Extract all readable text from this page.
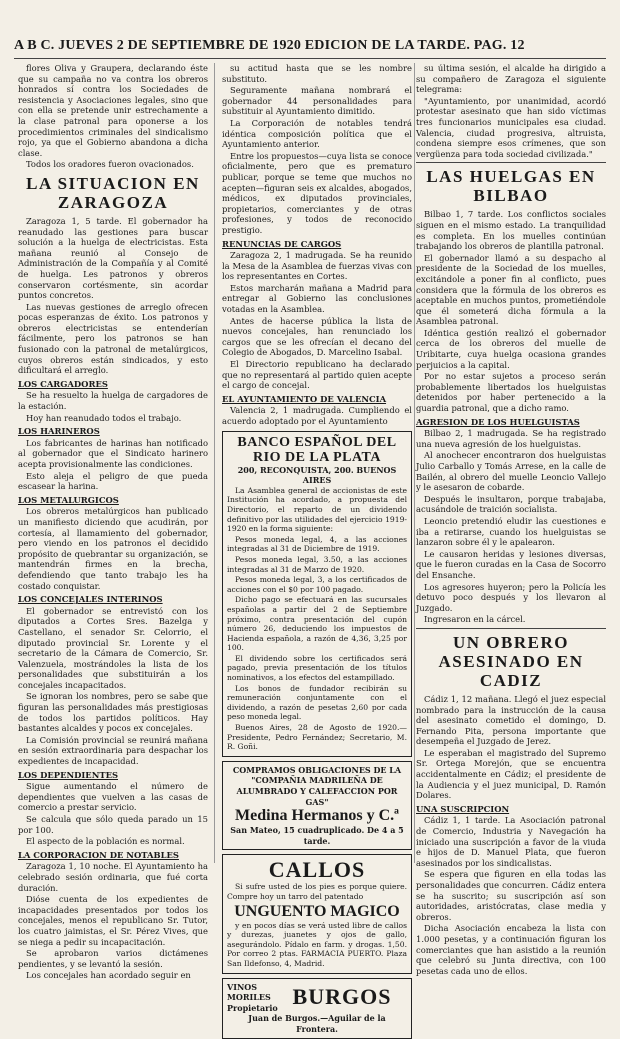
A B C. JUEVES 2 DE SEPTIEMBRE DE 1920 EDICION DE LA TARDE. PAG. 12

flores Oliva y Graupera, declarando éste que su campaña no va contra los obreros honrados sí contra los Sociedades de resistencia y Asociaciones legales, sino que con ella se pretende unir estrechamente a la clase patronal para oponerse a los procedimientos criminales del sindicalismo rojo, ya que el Gobierno abandona a dicha clase.

Todos los oradores fueron ovacionados.

LA SITUACION EN ZARAGOZA

Zaragoza 1, 5 tarde. El gobernador ha reanudado las gestiones para buscar solución a la huelga de electricistas. Esta mañana reunió al Consejo de Administración de la Compañía y al Comité de huelga. Les patronos y obreros conservaron cortésmente, sin acordar puntos concretos.

Las nuevas gestiones de arreglo ofrecen pocas esperanzas de éxito. Los patronos y obreros electricistas se entenderían fácilmente, pero los patronos se han fusionado con la patronal de metalúrgicos, cuyos obreros están sindicados, y esto dificultará el arreglo.

LOS CARGADORES

Se ha resuelto la huelga de cargadores de la estación.

Hoy han reanudado todos el trabajo.

LOS HARINEROS

Los fabricantes de harinas han notificado al gobernador que el Sindicato harinero acepta provisionalmente las condiciones.

Esto aleja el peligro de que pueda escasear la harina.

LOS METALURGICOS

Los obreros metalúrgicos han publicado un manifiesto diciendo que acudirán, por cortesía, al llamamiento del gobernador, pero viendo en los patronos el decidido propósito de quebrantar su organización, se mantendrán firmes en la brecha, defendiendo que tanto trabajo les ha costado conquistar.

LOS CONCEJALES INTERINOS

El gobernador se entrevistó con los diputados a Cortes Sres. Bazelga y Castellano, el senador Sr. Celorrio, el diputado provincial Sr. Lorente y el secretario de la Cámara de Comercio, Sr. Valenzuela, mostrándoles la lista de los personalidades que substituirán a los concejales incapacitados.

Se ignoran los nombres, pero se sabe que figuran las personalidades más prestigiosas de todos los partidos políticos. Hay bastantes alcaldes y pocos ex concejales.

La Comisión provincial se reunirá mañana en sesión extraordinaria para despachar los expedientes de incapacidad.

LOS DEPENDIENTES

Sigue aumentando el número de dependientes que vuelven a las casas de comercio a prestar servicio.

Se calcula que sólo queda parado un 15 por 100.

El aspecto de la población es normal.

LA CORPORACION DE NOTABLES

Zaragoza 1, 10 noche. El Ayuntamiento ha celebrado sesión ordinaria, que fué corta duración.

Dióse cuenta de los expedientes de incapacidades presentados por todos los concejales, menos el republicano Sr. Tutor, los cuatro jaimistas, el Sr. Pérez Vives, que se niega a pedir su incapacitación.

Se aprobaron varios dictámenes pendientes, y se levantó la sesión.

Los concejales han acordado seguir en

su actitud hasta que se les nombre substituto.

Seguramente mañana nombrará el gobernador 44 personalidades para substituir al Ayuntamiento dimitido.

La Corporación de notables tendrá idéntica composición política que el Ayuntamiento anterior.

Entre los propuestos—cuya lista se conoce oficialmente, pero que es prematuro publicar, porque se teme que muchos no acepten—figuran seis ex alcaldes, abogados, médicos, ex diputados provinciales, propietarios, comerciantes y de otras profesiones, y todos de reconocido prestigio.

RENUNCIAS DE CARGOS

Zaragoza 2, 1 madrugada. Se ha reunido la Mesa de la Asamblea de fuerzas vivas con los representantes en Cortes.

Estos marcharán mañana a Madrid para entregar al Gobierno las conclusiones votadas en la Asamblea.

Antes de hacerse pública la lista de nuevos concejales, han renunciado los cargos que se les ofrecían el decano del Colegio de Abogados, D. Marcelino Isabal.

El Directorio republicano ha declarado que no representará al partido quien acepte el cargo de concejal.

EL AYUNTAMIENTO DE VALENCIA

Valencia 2, 1 madrugada. Cumpliendo el acuerdo adoptado por el Ayuntamiento

BANCO ESPAÑOL DEL RIO DE LA PLATA
200, RECONQUISTA, 200. BUENOS AIRES

La Asamblea general de accionistas de este Institución ha acordado, a propuesta del Directorio, el reparto de un dividendo definitivo por las utilidades del ejercicio 1919-1920 en la forma siguiente:

Pesos moneda legal, 4, a las acciones integradas al 31 de Diciembre de 1919.

Pesos moneda legal, 3.50, a las acciones integradas al 31 de Marzo de 1920.

Pesos moneda legal, 3, a los certificados de acciones con el $0 por 100 pagado.

Dicho pago se efectuará en las sucursales españolas a partir del 2 de Septiembre próximo, contra presentación del cupón número 26, deduciendo los impuestos de Hacienda española, a razón de 4,36, 3,25 por 100.

El dividendo sobre los certificados será pagado, previa presentación de los títulos nominativos, a los efectos del estampillado.

Los bonos de fundador recibirán su remuneración conjuntamente con el dividendo, a razón de pesetas 2,60 por cada peso moneda legal.

Buenos Aires, 28 de Agosto de 1920.—Presidente, Pedro Fernández; Secretario, M. R. Goñi.

COMPRAMOS OBLIGACIONES DE LA "COMPAÑIA MADRILEÑA DE ALUMBRADO Y CALEFACCION POR GAS"
Medina Hermanos y C.ª
San Mateo, 15 cuadruplicado. De 4 a 5 tarde.
CALLOS

Si sufre usted de los pies es porque quiere. Compre hoy un tarro del patentado

UNGUENTO MAGICO

y en pocos días se verá usted libre de callos y durezas, juanetes y ojos de gallo, asegurándolo. Pídalo en farm. y drogas. 1,50. Por correo 2 ptas. FARMACIA PUERTO. Plaza San Ildefonso, 4, Madrid.

VINOS MORILES Propietario BURGOS
Juan de Burgos.—Aguilar de la Frontera.

su última sesión, el alcalde ha dirigido a su compañero de Zaragoza el siguiente telegrama:

"Ayuntamiento, por unanimidad, acordó protestar asesinato que han sido víctimas tres funcionarios municipales esa ciudad. Valencia, ciudad progresiva, altruista, condena siempre esos crímenes, que son vergüenza para toda sociedad civilizada."

LAS HUELGAS EN BILBAO

Bilbao 1, 7 tarde. Los conflictos sociales siguen en el mismo estado. La tranquilidad es completa. En los muelles continúan trabajando los obreros de plantilla patronal.

El gobernador llamó a su despacho al presidente de la Sociedad de los muelles, excitándole a poner fin al conflicto, pues considera que la fórmula de los obreros es aceptable en muchos puntos, prometiéndole que él someterá dicha fórmula a la Asamblea patronal.

Idéntica gestión realizó el gobernador cerca de los obreros del muelle de Uribitarte, cuya huelga ocasiona grandes perjuicios a la capital.

Por no estar sujetos a proceso serán probablemente libertados los huelguistas detenidos por haber pertenecido a la guardia patronal, que a dicho ramo.

AGRESION DE LOS HUELGUISTAS

Bilbao 2, 1 madrugada. Se ha registrado una nueva agresión de los huelguistas.

Al anochecer encontraron dos huelguistas Julio Carballo y Tomás Arrese, en la calle de Bailén, al obrero del muelle Leoncio Vallejo y le asesaron de cobarde.

Después le insultaron, porque trabajaba, acusándole de traición socialista.

Leoncio pretendió eludir las cuestiones e iba a retirarse, cuando los huelguistas se lanzaron sobre él y le apalearon.

Le causaron heridas y lesiones diversas, que le fueron curadas en la Casa de Socorro del Ensanche.

Los agresores huyeron; pero la Policía les detuvo poco después y los llevaron al Juzgado.

Ingresaron en la cárcel.

UN OBRERO ASESINADO EN CADIZ

Cádiz 1, 12 mañana. Llegó el juez especial nombrado para la instrucción de la causa del asesinato cometido el domingo, D. Fernando Pita, persona importante que desempeña el Juzgado de Jerez.

Le esperaban el magistrado del Supremo Sr. Ortega Morejón, que se encuentra accidentalmente en Cádiz; el presidente de la Audiencia y el juez municipal, D. Ramón Dolares.

UNA SUSCRIPCION

Cádiz 1, 1 tarde. La Asociación patronal de Comercio, Industria y Navegación ha iniciado una suscripción a favor de la viuda e hijos de D. Manuel Plata, que fueron asesinados por los sindicalistas.

Se espera que figuren en ella todas las personalidades que concurren. Cádiz entera se ha suscrito; su suscripción así son autoridades, aristócratas, clase media y obreros.

Dicha Asociación encabeza la lista con 1.000 pesetas, y a continuación figuran los comerciantes que han asistido a la reunión que celebró su Junta directiva, con 100 pesetas cada uno de ellos.
